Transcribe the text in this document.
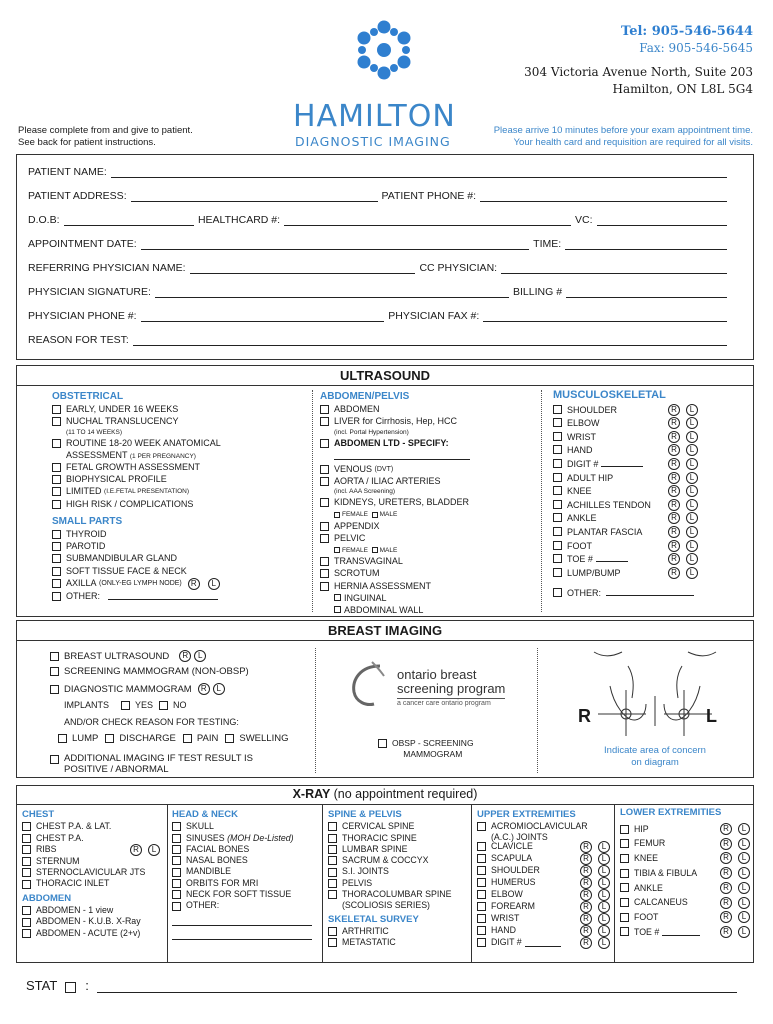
Tel: 905-546-5644
Fax: 905-546-5645
304 Victoria Avenue North, Suite 203
Hamilton, ON L8L 5G4
HAMILTON
DIAGNOSTIC IMAGING
Please complete from and give to patient.
See back for patient instructions.
Please arrive 10 minutes before your exam appointment time.
Your health card and requisition are required for all visits.
PATIENT NAME:
PATIENT ADDRESS:	PATIENT PHONE #:
D.O.B:	HEALTHCARD #:	VC:
APPOINTMENT DATE:	TIME:
REFERRING PHYSICIAN NAME:	CC PHYSICIAN:
PHYSICIAN SIGNATURE:	BILLING #
PHYSICIAN PHONE #:	PHYSICIAN FAX #:
REASON FOR TEST:
ULTRASOUND
OBSTETRICAL
EARLY, UNDER 16 WEEKS
NUCHAL TRANSLUCENCY
(11 TO 14 WEEKS)
ROUTINE 18-20 WEEK ANATOMICAL
ASSESSMENT (1 PER PREGNANCY)
FETAL GROWTH ASSESSMENT
BIOPHYSICAL PROFILE
LIMITED
(I.E.FETAL PRESENTATION)
HIGH RISK / COMPLICATIONS
SMALL PARTS
THYROID
PAROTID
SUBMANDIBULAR GLAND
SOFT TISSUE FACE & NECK
AXILLA
(ONLY-EG LYMPH NODE)	R	L
OTHER:
ABDOMEN/PELVIS
ABDOMEN
LIVER for Cirrhosis, Hep, HCC
(incl. Portal Hypertension)
ABDOMEN LTD - SPECIFY:
VENOUS
(DVT)
AORTA / ILIAC ARTERIES
(incl. AAA Screening)
KIDNEYS, URETERS, BLADDER
FEMALE MALE
APPENDIX
PELVIC
FEMALE MALE
TRANSVAGINAL
SCROTUM
HERNIA ASSESSMENT
INGUINAL
ABDOMINAL WALL
MUSCULOSKELETAL
SHOULDER	R	L
ELBOW	R	L
WRIST	R	L
HAND	R	L
DIGIT #	R	L
ADULT HIP	R	L
KNEE	R	L
ACHILLES TENDON	R	L
ANKLE	R	L
PLANTAR FASCIA	R	L
FOOT	R	L
TOE #	R	L
LUMP/BUMP	R	L
OTHER:
BREAST IMAGING
BREAST ULTRASOUND	R	L
SCREENING MAMMOGRAM (NON-OBSP)
DIAGNOSTIC MAMMOGRAM	R	L
IMPLANTS	YES NO
AND/OR CHECK REASON FOR TESTING:
LUMP DISCHARGE PAIN SWELLING
ADDITIONAL IMAGING IF TEST RESULT IS
POSITIVE / ABNORMAL
ontario breast
screening program
a cancer care ontario program
OBSP - SCREENING
MAMMOGRAM
R	L
Indicate area of concern
on diagram
X-RAY (no appointment required)
CHEST
CHEST P.A. & LAT.
CHEST P.A.
RIBS	R	L
STERNUM
STERNOCLAVICULAR JTS
THORACIC INLET
ABDOMEN
ABDOMEN - 1 view
ABDOMEN - K.U.B. X-Ray
ABDOMEN - ACUTE (2+v)
HEAD & NECK
SKULL
SINUSES
(MOH De-Listed)
FACIAL BONES
NASAL BONES
MANDIBLE
ORBITS FOR MRI
NECK FOR SOFT TISSUE
OTHER:
SPINE & PELVIS
CERVICAL SPINE
THORACIC SPINE
LUMBAR SPINE
SACRUM & COCCYX
S.I. JOINTS
PELVIS
THORACOLUMBAR SPINE
(SCOLIOSIS SERIES)
SKELETAL SURVEY
ARTHRITIC
METASTATIC
UPPER EXTREMITIES
ACROMIOCLAVICULAR
(A.C.) JOINTS
CLAVICLE	R	L
SCAPULA	R	L
SHOULDER	R	L
HUMERUS	R	L
ELBOW	R	L
FOREARM	R	L
WRIST	R	L
HAND	R	L
DIGIT #	R	L
LOWER EXTREMITIES
HIP	R	L
FEMUR	R	L
KNEE	R	L
TIBIA & FIBULA	R	L
ANKLE	R	L
CALCANEUS	R	L
FOOT	R	L
TOE #	R	L
STAT :
